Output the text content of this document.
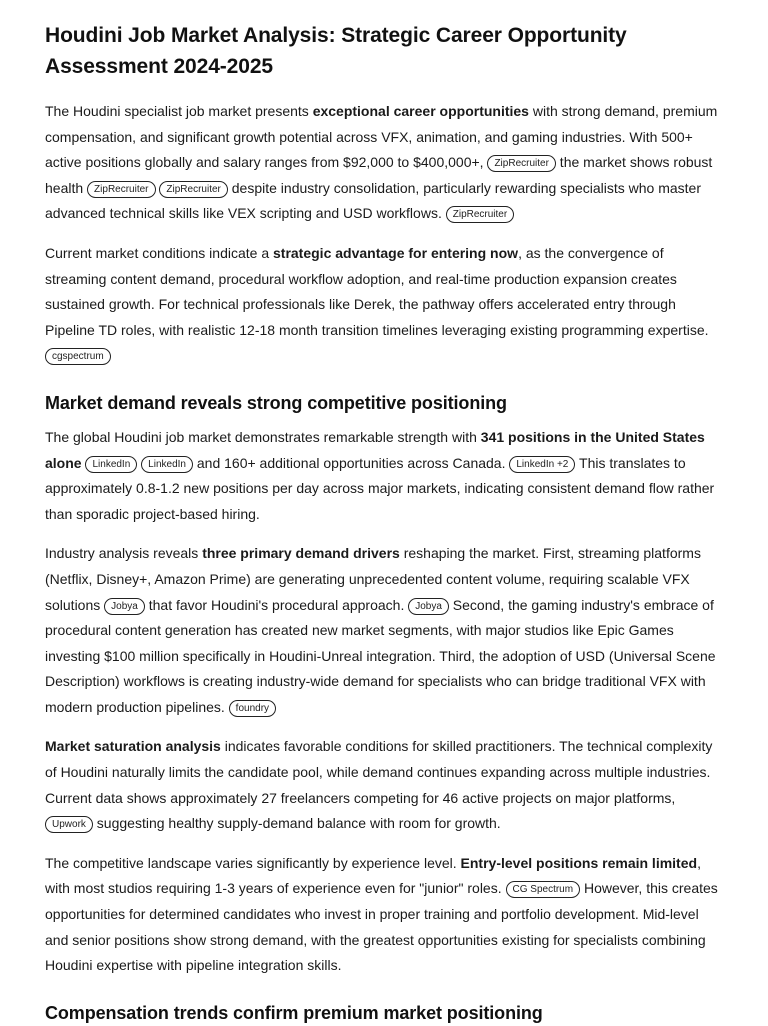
Houdini Job Market Analysis: Strategic Career Opportunity Assessment 2024-2025

The Houdini specialist job market presents exceptional career opportunities with strong demand, premium compensation, and significant growth potential across VFX, animation, and gaming industries. With 500+ active positions globally and salary ranges from $92,000 to $400,000+, ZipRecruiter the market shows robust health ZipRecruiter ZipRecruiter despite industry consolidation, particularly rewarding specialists who master advanced technical skills like VEX scripting and USD workflows. ZipRecruiter

Current market conditions indicate a strategic advantage for entering now, as the convergence of streaming content demand, procedural workflow adoption, and real-time production expansion creates sustained growth. For technical professionals like Derek, the pathway offers accelerated entry through Pipeline TD roles, with realistic 12-18 month transition timelines leveraging existing programming expertise. cgspectrum

Market demand reveals strong competitive positioning

The global Houdini job market demonstrates remarkable strength with 341 positions in the United States alone LinkedIn LinkedIn and 160+ additional opportunities across Canada. LinkedIn +2 This translates to approximately 0.8-1.2 new positions per day across major markets, indicating consistent demand flow rather than sporadic project-based hiring.

Industry analysis reveals three primary demand drivers reshaping the market. First, streaming platforms (Netflix, Disney+, Amazon Prime) are generating unprecedented content volume, requiring scalable VFX solutions Jobya that favor Houdini's procedural approach. Jobya Second, the gaming industry's embrace of procedural content generation has created new market segments, with major studios like Epic Games investing $100 million specifically in Houdini-Unreal integration. Third, the adoption of USD (Universal Scene Description) workflows is creating industry-wide demand for specialists who can bridge traditional VFX with modern production pipelines. foundry

Market saturation analysis indicates favorable conditions for skilled practitioners. The technical complexity of Houdini naturally limits the candidate pool, while demand continues expanding across multiple industries. Current data shows approximately 27 freelancers competing for 46 active projects on major platforms, Upwork suggesting healthy supply-demand balance with room for growth.

The competitive landscape varies significantly by experience level. Entry-level positions remain limited, with most studios requiring 1-3 years of experience even for "junior" roles. CG Spectrum However, this creates opportunities for determined candidates who invest in proper training and portfolio development. Mid-level and senior positions show strong demand, with the greatest opportunities existing for specialists combining Houdini expertise with pipeline integration skills.

Compensation trends confirm premium market positioning
